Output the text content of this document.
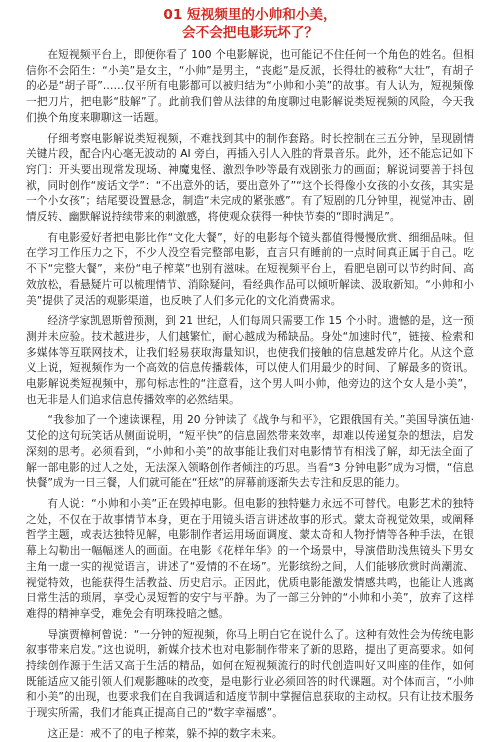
01 短视频里的小帅和小美，
会不会把电影玩坏了？

在短视频平台上，即便你看了 100 个电影解说，也可能记不住任何一个角色的姓名。但相信你不会陌生：“小美”是女主，“小帅”是男主，“丧彪”是反派，长得壮的被称“大壮”，有胡子的必是“胡子哥”……仅平所有电影都可以被归结为“小帅和小美”的故事。有人认为，短视频像一把刀片，把电影“肢解”了。此前我们曾从法律的角度聊过电影解说类短视频的风险，今天我们换个角度来聊聊这一话题。

仔细考察电影解说类短视频，不难找到其中的制作套路。时长控制在三五分钟，呈现剧情关键片段，配合内心毫无波动的 AI 旁白，再插入引人入胜的背景音乐。此外，还不能忘记如下窍门：开头要出现常发现场、神魔鬼怪、激烈争吵等最有戏剧张力的画面；解说词要善于抖包袱，同时创作“废话文学”：“不出意外的话，要出意外了”“这个长得像小女孩的小女孩，其实是一个小女孩”；结尾要设置悬念，制造“未完成的紧张感”。有了短剧的几分钟里，视觉冲击、剧情反转、幽默解说持续带来的刺激感，将使观众获得一种快节奏的“即时满足”。

有电影爱好者把电影比作“文化大餐”，好的电影每个镜头都值得慢慢欣赏、细细品味。但在学习工作压力之下，不少人没空看完整部电影，直言只有睡前的一点时间真正属于自己。吃不下“完整大餐”，来份“电子榨菜”也别有滋味。在短视频平台上，看肥皂剧可以节约时间、高效放松，看悬疑片可以梳理情节、消除疑问，看经典作品可以倾听解读、汲取新知。“小帅和小美”提供了灵活的观影渠道，也反映了人们多元化的文化消费需求。

经济学家凯恩斯曾预测，到 21 世纪，人们每周只需要工作 15 个小时。遗憾的是，这一预测并未应验。技术越进步，人们越繁忙，耐心越成为稀缺品。身处“加速时代”，链接、检索和多媒体等互联网技术，让我们轻易获取海量知识，也使我们接触的信息越发碎片化。从这个意义上说，短视频作为一个高效的信息传播载体，可以使人们用最少的时间、了解最多的资讯。电影解说类短视频中，那句标志性的“注意看，这个男人叫小帅，他旁边的这个女人是小美”，也无非是人们追求信息传播效率的必然结果。

“我参加了一个速读课程，用 20 分钟读了《战争与和平》，它跟俄国有关。”美国导演伍迪·艾伦的这句玩笑话从侧面说明，“短平快”的信息固然带来效率，却难以传递复杂的想法，启发深刻的思考。必须看到，“小帅和小美”的故事能让我们对电影情节有相浅了解，却无法全面了解一部电影的过人之处，无法深入领略创作者倾注的巧思。当看“3 分钟电影”成为习惯，“信息快餐”成为一日三餐，人们就可能在“狂炫”的屏幕前逐渐失去专注和反思的能力。

有人说：“小帅和小美”正在毁掉电影。但电影的独特魅力永远不可替代。电影艺术的独特之处，不仅在于故事情节本身，更在于用镜头语言讲述故事的形式。蒙太奇视觉效果，或阐释哲学主题，或表达独特见解，电影制作者运用场面调度、蒙太奇和人物抒情等各种手法，在银幕上勾勒出一幅幅迷人的画面。在电影《花样年华》的一个场景中，导演借助浅焦镜头下男女主角一虚一实的视觉语言，讲述了“爱情的不在场”。光影缤纷之间，人们能够欣赏时尚潮流、视觉特效，也能获得生活教益、历史启示。正因此，优质电影能激发情感共鸣，也能让人逃离日常生活的琐屑，享受心灵短暂的安宁与平静。为了一部三分钟的“小帅和小美”，放弃了这样难得的精神享受，难免会有明珠投暗之憾。

导演贾樟柯曾说：“一分钟的短视频，你马上明白它在说什么了。这种有效性会为传统电影叙事带来启发。”这也说明，新媒介技术也对电影制作带来了新的思路，提出了更高要求。如何持续创作源于生活又高于生活的精品，如何在短视频流行的时代创造叫好又叫座的佳作，如何既能适应又能引领人们观影趣味的改变，是电影行业必须回答的时代课题。对个体而言，“小帅和小美”的出现，也要求我们在自我调适和适度节制中掌握信息获取的主动权。只有让技术服务于现实所需，我们才能真正提高自己的“数字幸福感”。

这正是：戒不了的电子榨菜，躲不掉的数字未来。
